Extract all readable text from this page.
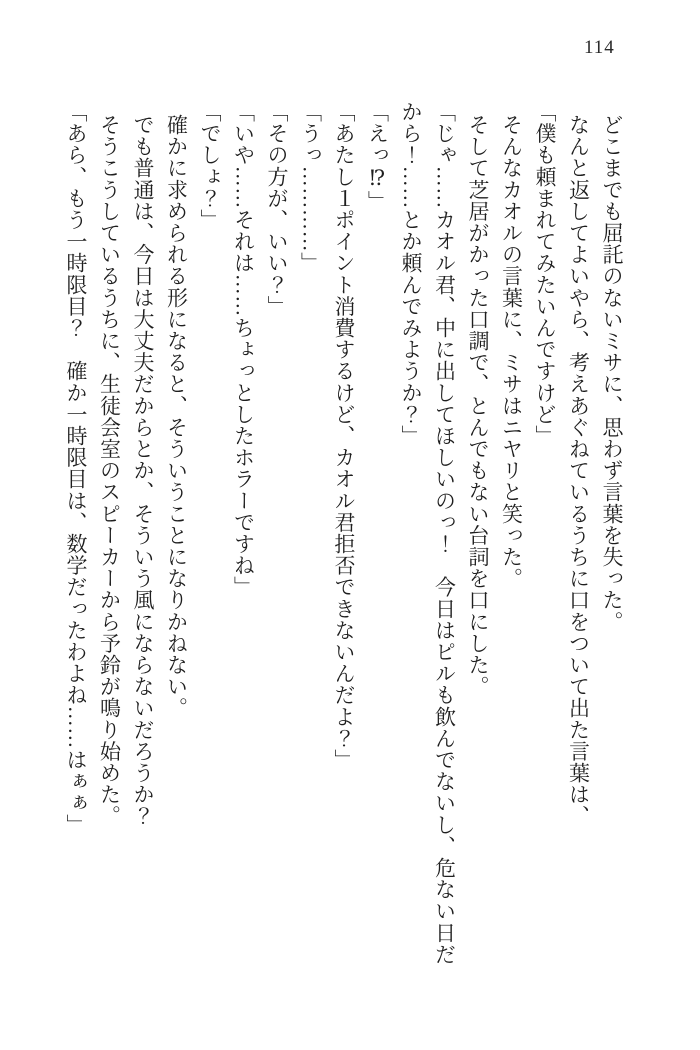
114

どこまでも屈託のないミサに、思わず言葉を失った。

なんと返してよいやら、考えあぐねているうちに口をついて出た言葉は、

「僕も頼まれてみたいんですけど」

そんなカオルの言葉に、ミサはニヤリと笑った。

そして芝居がかった口調で、とんでもない台詞を口にした。

「じゃ……カオル君、中に出してほしいのっ！　今日はピルも飲んでないし、危ない日だ

から！……とか頼んでみようか？」

「えっ⁉」

「あたし１ポイント消費するけど、カオル君拒否できないんだよ？」

「うっ…………」

「その方が、いい？」

「いや……それは……ちょっとしたホラーですね」

「でしょ？」

確かに求められる形になると、そういうことになりかねない。

でも普通は、今日は大丈夫だからとか、そういう風にならないだろうか？

そうこうしているうちに、生徒会室のスピーカーから予鈴が鳴り始めた。

「あら、もう一時限目？　確か一時限目は、数学だったわよね……はぁぁ」
